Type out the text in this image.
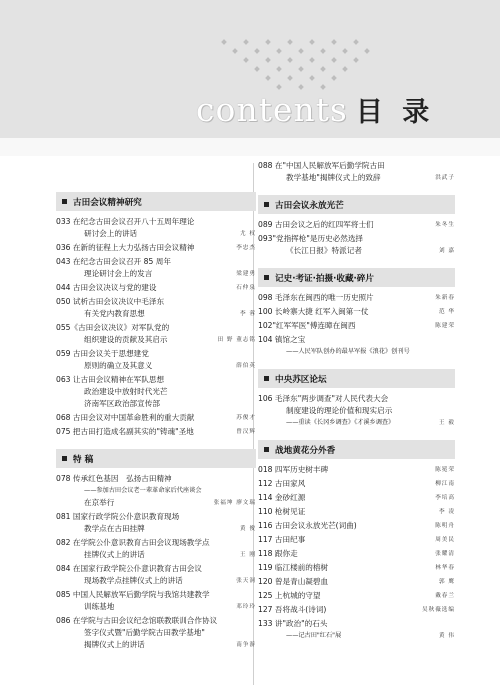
contents 目 录
古田会议精神研究
033 在纪念古田会议召开八十五周年理论
研讨会上的讲话	尤 权
036 在新的征程上大力弘扬古田会议精神	李忠杰
043 在纪念古田会议召开 85 周年
理论研讨会上的发言	梁建勇
044 古田会议决议与党的建设	石仲泉
050 试析古田会议决议中毛泽东
有关党内教育思想	李 蓉
055《古田会议决议》对军队党的
组织建设的贡献及其启示	田 野 董志铭
059 古田会议关于思想建党
原则的确立及其意义	薛伯英
063 让古田会议精神在军队思想
政治建设中放射时代光芒
济南军区政治部宣传部
068 古田会议对中国革命胜利的重大贡献	苏俊才
075 把古田打造成名副其实的"铸魂"圣地	曾汉辉
特 稿
078 传承红色基因　弘扬古田精神
——参加古田会议老一辈革命家后代座谈会
在京举行	张福坤 廖文瑞
081 国家行政学院公仆意识教育现场
教学点在古田挂牌	黄 俊
082 在学院公仆意识教育古田会议现场教学点
挂牌仪式上的讲话	王 刚
084 在国家行政学院公仆意识教育古田会议
现场教学点挂牌仪式上的讲话	张天洞
085 中国人民解放军后勤学院与我馆共建教学
训练基地	邓玲玲
086 在学院与古田会议纪念馆联教联训合作协议
签字仪式暨"后勤学院古田教学基地"
揭牌仪式上的讲话	南争游
088 在"中国人民解放军后勤学院古田
教学基地"揭牌仪式上的致辞	洪武子
古田会议永放光芒
089 古田会议之后的红四军将士们	朱冬生
093"党指挥枪"是历史必然选择
《长江日报》特派记者	刘 嘉
记史·考证·拍摄·收藏·碎片
098 毛泽东在闽西的唯一历史照片	朱新春
100 长岭寨大捷 红军入闽第一仗	范 华
102"红军军医"傅连暲在闽西	陈建荣
104 镇馆之宝
——人民军队创办的最早军报《浪花》创刊号
中央苏区论坛
106 毛泽东"两步调查"对人民代表大会
制度建设的理论价值和现实启示
——重读《长冈乡调查》《才溪乡调查》	王 毅
战地黄花分外香
018 四军历史树丰碑	陈冕荣
112 古田家风	柳江南
114 金砂红源	李培高
110 枪树见证	李 凌
116 古田会议永放光芒(词曲)	陈明舟
117 古田纪事	周美民
118 跟你走	张耀清
119 临江楼前的榕树	林华春
120 曾是青山凝碧血	郭 鹰
125 上杭城的守望	戴春兰
127 吾将战斗(诗词)	吴秋薇选编
133 讲"政治"的石头
——记古田"红石"展	黄 伟
